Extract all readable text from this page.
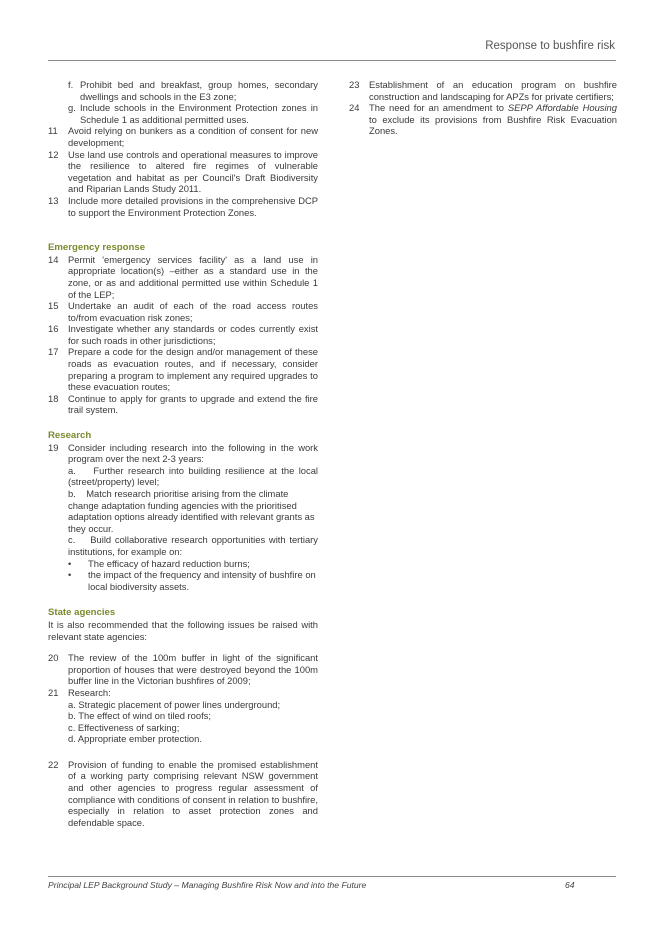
Response to bushfire risk
f. Prohibit bed and breakfast, group homes, secondary dwellings and schools in the E3 zone;
g. Include schools in the Environment Protection zones in Schedule 1 as additional permitted uses.
11	Avoid relying on bunkers as a condition of consent for new development;
12	Use land use controls and operational measures to improve the resilience to altered fire regimes of vulnerable vegetation and habitat as per Council's Draft Biodiversity and Riparian Lands Study 2011.
13	Include more detailed provisions in the comprehensive DCP to support the Environment Protection Zones.
Emergency response
14	Permit 'emergency services facility' as a land use in appropriate location(s) –either as a standard use in the zone, or as and additional permitted use within Schedule 1 of the LEP;
15	Undertake an audit of each of the road access routes to/from evacuation risk zones;
16	Investigate whether any standards or codes currently exist for such roads in other jurisdictions;
17	Prepare a code for the design and/or management of these roads as evacuation routes, and if necessary, consider preparing a program to implement any required upgrades to these evacuation routes;
18	Continue to apply for grants to upgrade and extend the fire trail system.
Research
19	Consider including research into the following in the work program over the next 2-3 years:
a.    Further research into building resilience at the local (street/property) level;
b.    Match research prioritise arising from the climate change adaptation funding agencies with the prioritised adaptation options already identified with relevant grants as they occur.
c.    Build collaborative research opportunities with tertiary institutions, for example on:
•	The efficacy of hazard reduction burns;
•	the impact of the frequency and intensity of bushfire on local biodiversity assets.
State agencies
It is also recommended that the following issues be raised with relevant state agencies:
20	The review of the 100m buffer in light of the significant proportion of houses that were destroyed beyond the 100m buffer line in the Victorian bushfires of 2009;
21	Research:
a. Strategic placement of power lines underground;
b. The effect of wind on tiled roofs;
c. Effectiveness of sarking;
d. Appropriate ember protection.
22	Provision of funding to enable the promised establishment of a working party comprising relevant NSW government and other agencies to progress regular assessment of compliance with conditions of consent in relation to bushfire, especially in relation to asset protection zones and defendable space.
23	Establishment of an education program on bushfire construction and landscaping for APZs for private certifiers;
24	The need for an amendment to SEPP Affordable Housing to exclude its provisions from Bushfire Risk Evacuation Zones.
Principal LEP Background Study – Managing Bushfire Risk Now and into the Future	64
